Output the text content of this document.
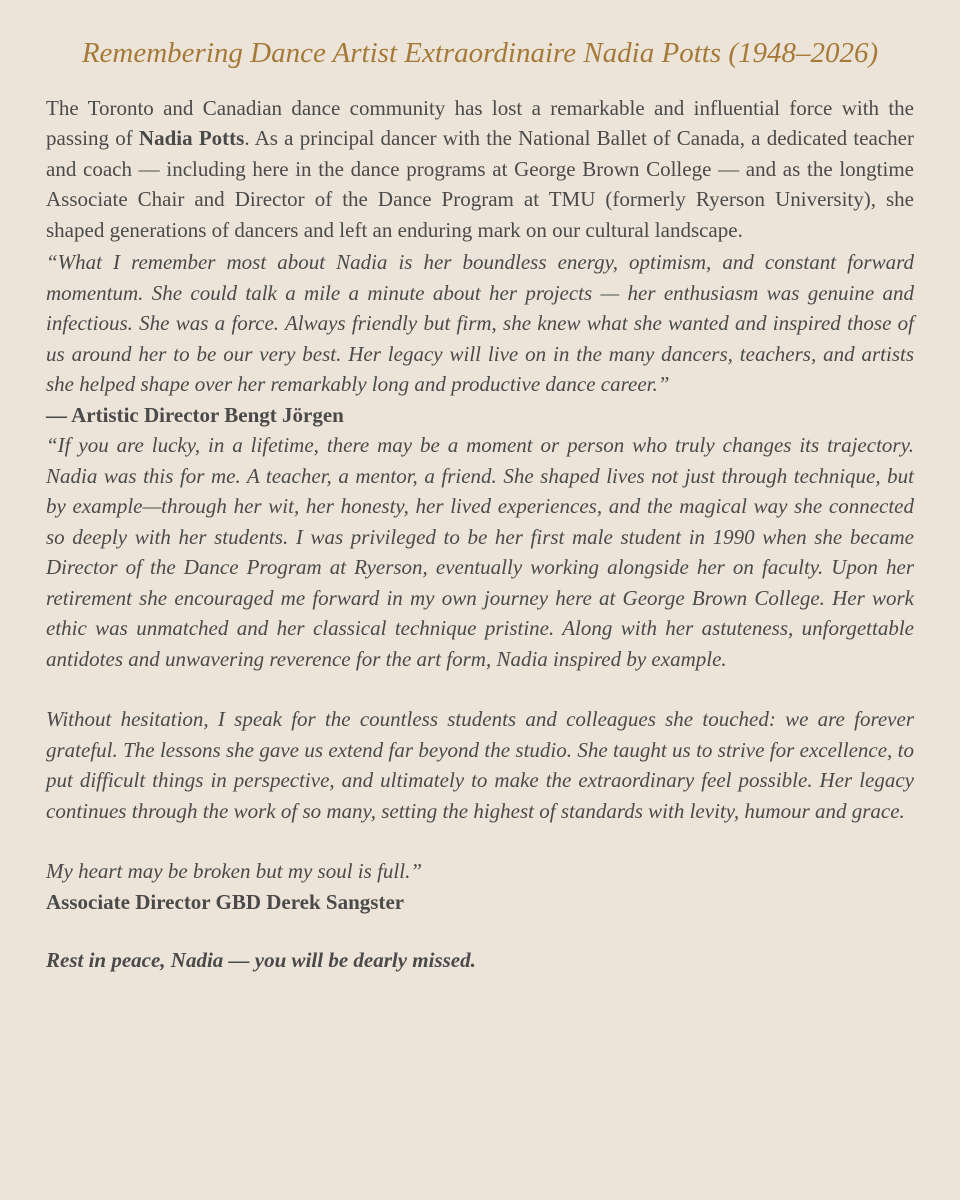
Remembering Dance Artist Extraordinaire Nadia Potts (1948–2026)

The Toronto and Canadian dance community has lost a remarkable and influential force with the passing of Nadia Potts. As a principal dancer with the National Ballet of Canada, a dedicated teacher and coach — including here in the dance programs at George Brown College — and as the longtime Associate Chair and Director of the Dance Program at TMU (formerly Ryerson University), she shaped generations of dancers and left an enduring mark on our cultural landscape.

“What I remember most about Nadia is her boundless energy, optimism, and constant forward momentum. She could talk a mile a minute about her projects — her enthusiasm was genuine and infectious. She was a force. Always friendly but firm, she knew what she wanted and inspired those of us around her to be our very best. Her legacy will live on in the many dancers, teachers, and artists she helped shape over her remarkably long and productive dance career.”

— Artistic Director Bengt Jörgen

“If you are lucky, in a lifetime, there may be a moment or person who truly changes its trajectory. Nadia was this for me. A teacher, a mentor, a friend. She shaped lives not just through technique, but by example—through her wit, her honesty, her lived experiences, and the magical way she connected so deeply with her students. I was privileged to be her first male student in 1990 when she became Director of the Dance Program at Ryerson, eventually working alongside her on faculty. Upon her retirement she encouraged me forward in my own journey here at George Brown College. Her work ethic was unmatched and her classical technique pristine. Along with her astuteness, unforgettable antidotes and unwavering reverence for the art form, Nadia inspired by example.

Without hesitation, I speak for the countless students and colleagues she touched: we are forever grateful. The lessons she gave us extend far beyond the studio. She taught us to strive for excellence, to put difficult things in perspective, and ultimately to make the extraordinary feel possible. Her legacy continues through the work of so many, setting the highest of standards with levity, humour and grace.

My heart may be broken but my soul is full.”

Associate Director GBD Derek Sangster

Rest in peace, Nadia — you will be dearly missed.
